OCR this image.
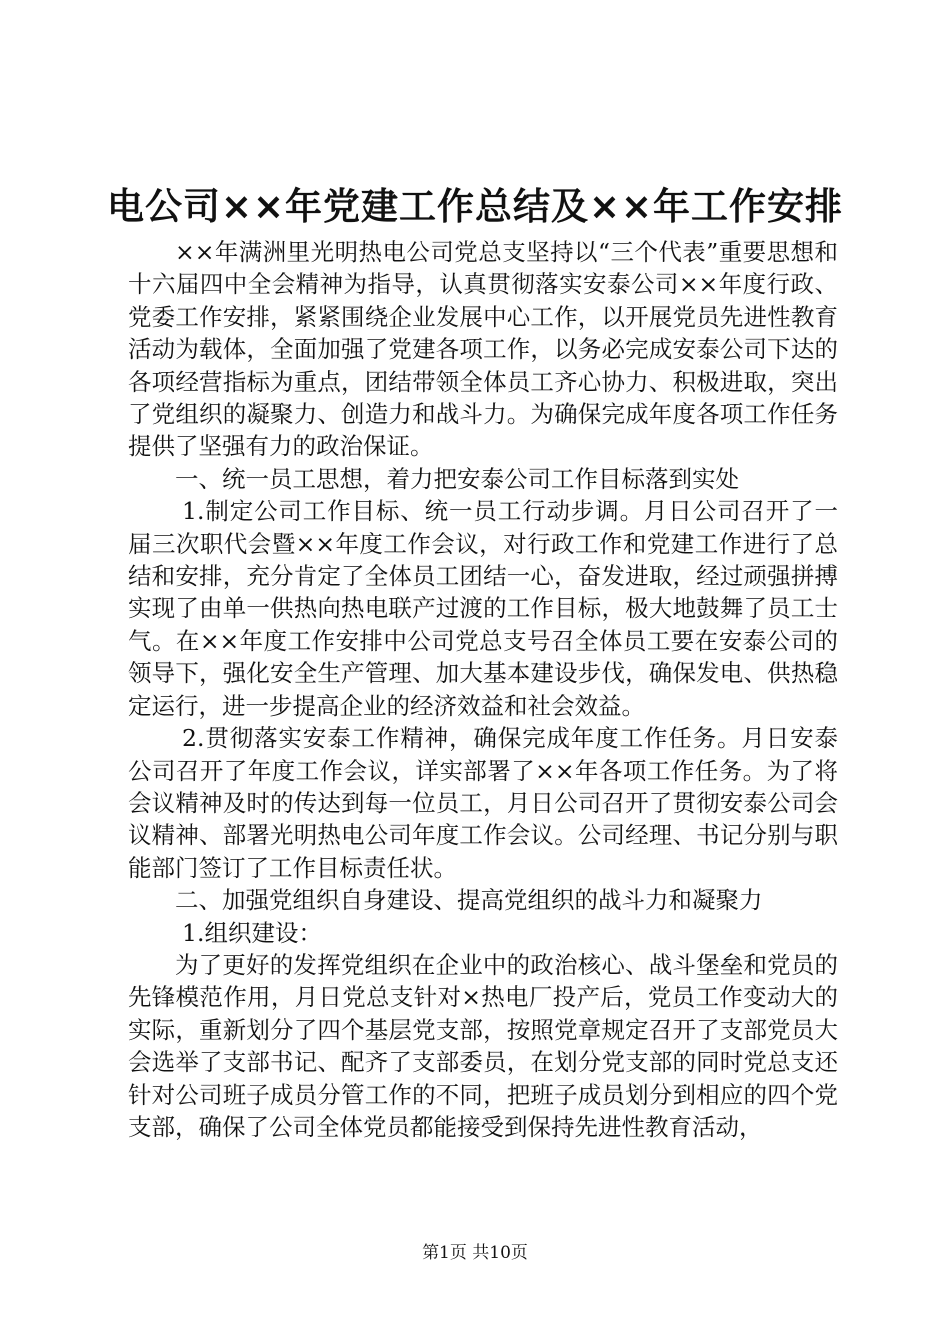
电公司××年党建工作总结及××年工作安排

××年满洲里光明热电公司党总支坚持以“三个代表”重要思想和十六届四中全会精神为指导，认真贯彻落实安泰公司××年度行政、党委工作安排，紧紧围绕企业发展中心工作，以开展党员先进性教育活动为载体，全面加强了党建各项工作，以务必完成安泰公司下达的各项经营指标为重点，团结带领全体员工齐心协力、积极进取，突出了党组织的凝聚力、创造力和战斗力。为确保完成年度各项工作任务提供了坚强有力的政治保证。

一、统一员工思想，着力把安泰公司工作目标落到实处

1.制定公司工作目标、统一员工行动步调。月日公司召开了一届三次职代会暨××年度工作会议，对行政工作和党建工作进行了总结和安排，充分肯定了全体员工团结一心，奋发进取，经过顽强拼搏实现了由单一供热向热电联产过渡的工作目标，极大地鼓舞了员工士气。在××年度工作安排中公司党总支号召全体员工要在安泰公司的领导下，强化安全生产管理、加大基本建设步伐，确保发电、供热稳定运行，进一步提高企业的经济效益和社会效益。

2.贯彻落实安泰工作精神，确保完成年度工作任务。月日安泰公司召开了年度工作会议，详实部署了××年各项工作任务。为了将会议精神及时的传达到每一位员工，月日公司召开了贯彻安泰公司会议精神、部署光明热电公司年度工作会议。公司经理、书记分别与职能部门签订了工作目标责任状。

二、加强党组织自身建设、提高党组织的战斗力和凝聚力

1.组织建设：

为了更好的发挥党组织在企业中的政治核心、战斗堡垒和党员的先锋模范作用，月日党总支针对×热电厂投产后，党员工作变动大的实际，重新划分了四个基层党支部，按照党章规定召开了支部党员大会选举了支部书记、配齐了支部委员，在划分党支部的同时党总支还针对公司班子成员分管工作的不同，把班子成员划分到相应的四个党支部，确保了公司全体党员都能接受到保持先进性教育活动，

第1页 共10页
